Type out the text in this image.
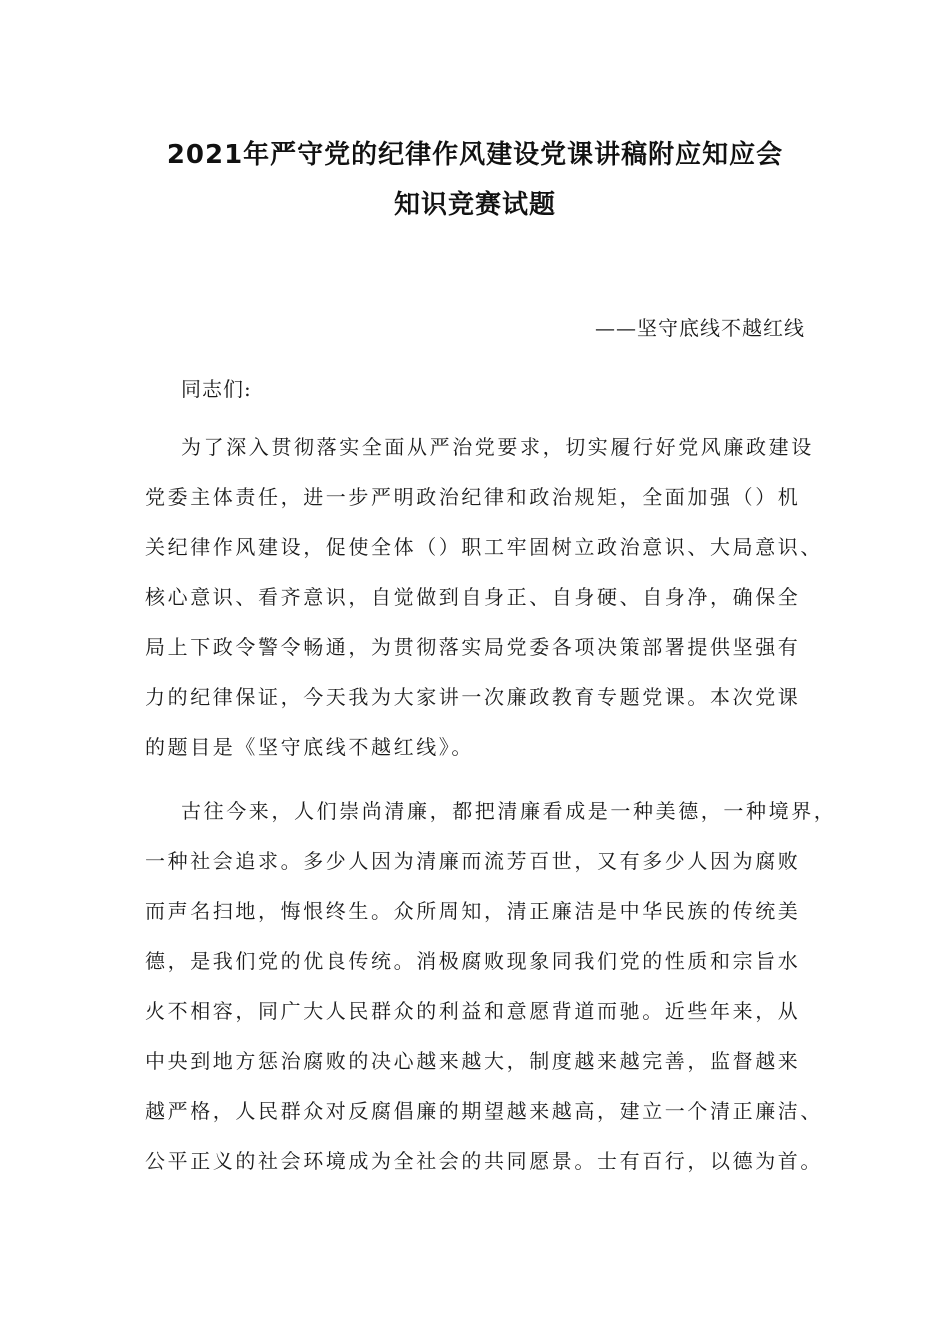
2021年严守党的纪律作风建设党课讲稿附应知应会
知识竞赛试题
——坚守底线不越红线
同志们:
为了深入贯彻落实全面从严治党要求，切实履行好党风廉政建设
党委主体责任，进一步严明政治纪律和政治规矩，全面加强（）机
关纪律作风建设，促使全体（）职工牢固树立政治意识、大局意识、
核心意识、看齐意识，自觉做到自身正、自身硬、自身净，确保全
局上下政令警令畅通，为贯彻落实局党委各项决策部署提供坚强有
力的纪律保证，今天我为大家讲一次廉政教育专题党课。本次党课
的题目是《坚守底线不越红线》。
古往今来，人们崇尚清廉，都把清廉看成是一种美德，一种境界，
一种社会追求。多少人因为清廉而流芳百世，又有多少人因为腐败
而声名扫地，悔恨终生。众所周知，清正廉洁是中华民族的传统美
德，是我们党的优良传统。消极腐败现象同我们党的性质和宗旨水
火不相容，同广大人民群众的利益和意愿背道而驰。近些年来，从
中央到地方惩治腐败的决心越来越大，制度越来越完善，监督越来
越严格，人民群众对反腐倡廉的期望越来越高，建立一个清正廉洁、
公平正义的社会环境成为全社会的共同愿景。士有百行，以德为首。
